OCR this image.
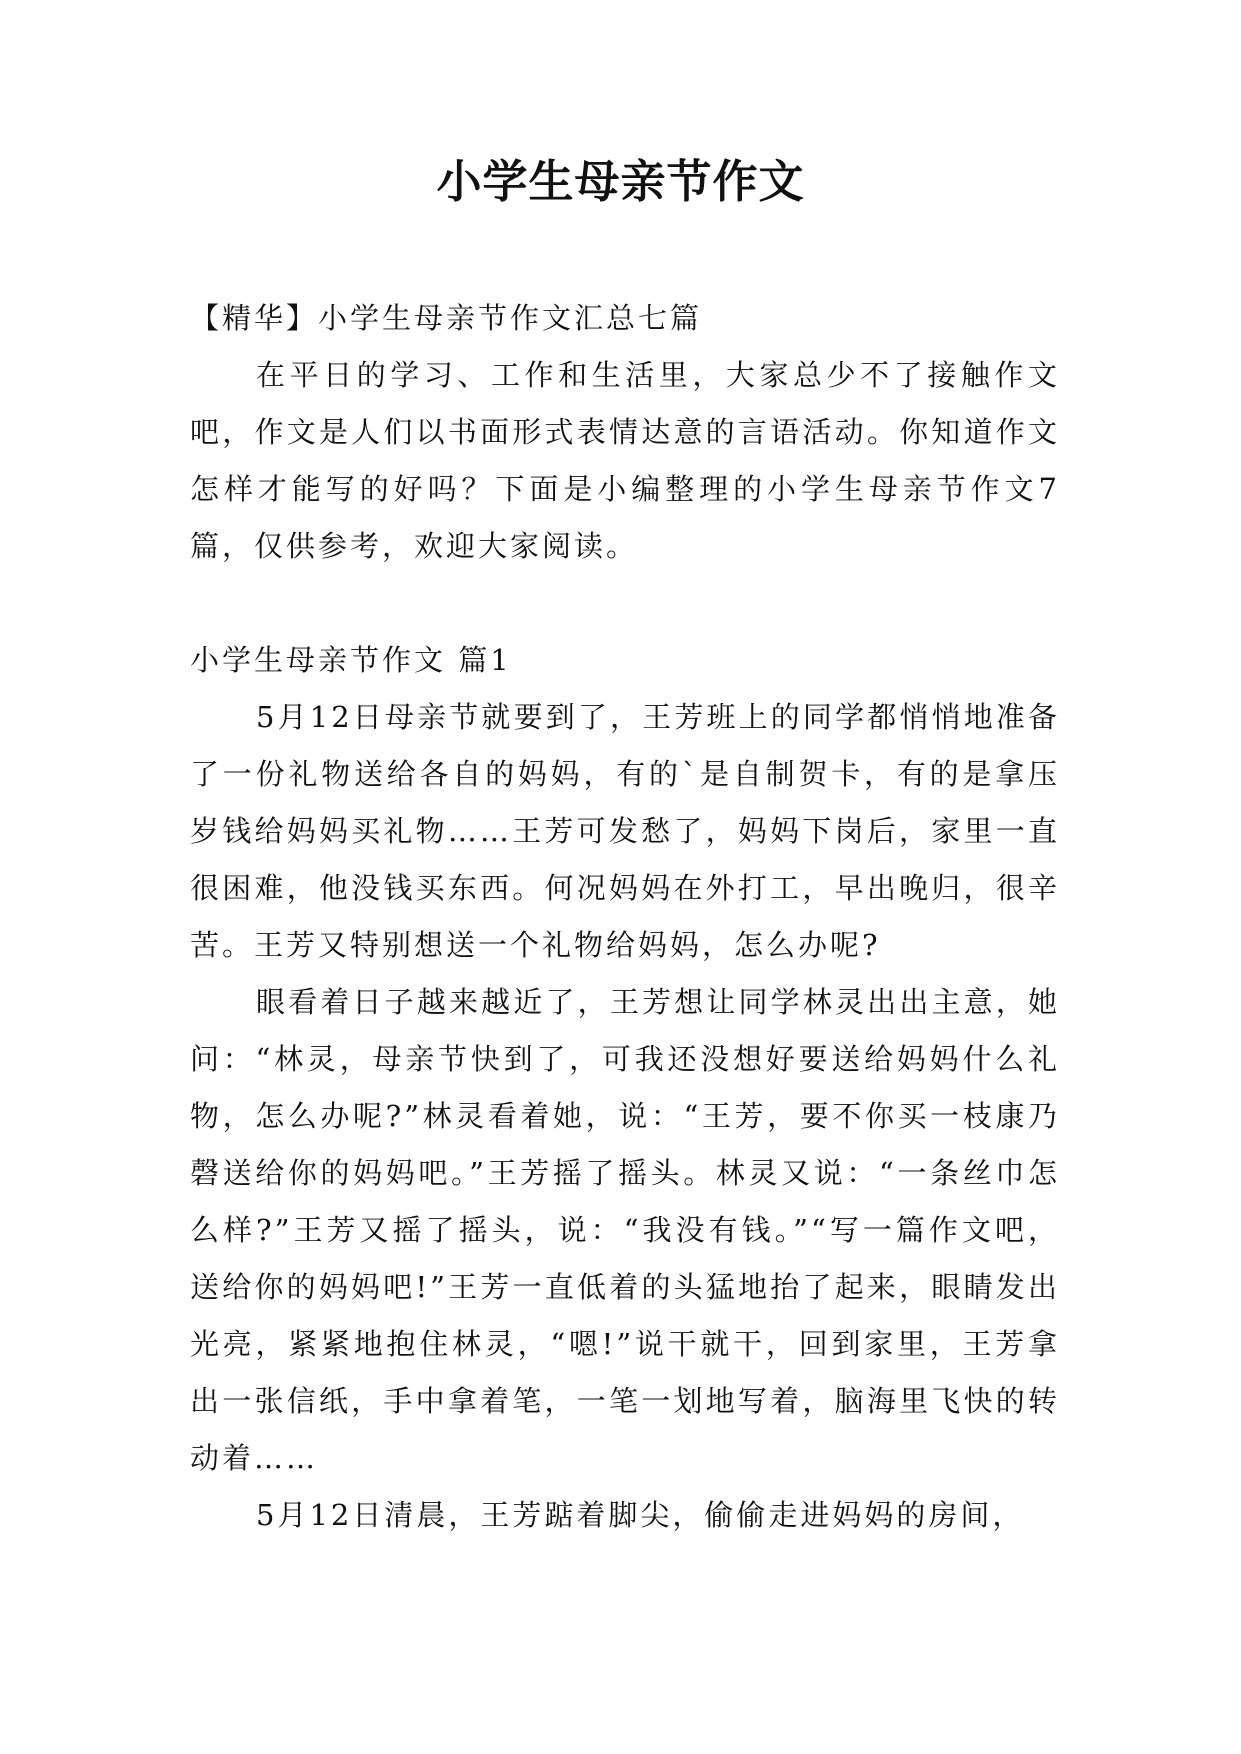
小学生母亲节作文

【精华】小学生母亲节作文汇总七篇

在平日的学习、工作和生活里，大家总少不了接触作文吧，作文是人们以书面形式表情达意的言语活动。你知道作文怎样才能写的好吗？下面是小编整理的小学生母亲节作文7篇，仅供参考，欢迎大家阅读。

小学生母亲节作文 篇1

5月12日母亲节就要到了，王芳班上的同学都悄悄地准备了一份礼物送给各自的妈妈，有的`是自制贺卡，有的是拿压岁钱给妈妈买礼物……王芳可发愁了，妈妈下岗后，家里一直很困难，他没钱买东西。何况妈妈在外打工，早出晚归，很辛苦。王芳又特别想送一个礼物给妈妈，怎么办呢?

眼看着日子越来越近了，王芳想让同学林灵出出主意，她问：“林灵，母亲节快到了，可我还没想好要送给妈妈什么礼物，怎么办呢?”林灵看着她，说：“王芳，要不你买一枝康乃磬送给你的妈妈吧。”王芳摇了摇头。林灵又说：“一条丝巾怎么样?”王芳又摇了摇头，说：“我没有钱。”“写一篇作文吧，送给你的妈妈吧!”王芳一直低着的头猛地抬了起来，眼睛发出光亮，紧紧地抱住林灵，“嗯!”说干就干，回到家里，王芳拿出一张信纸，手中拿着笔，一笔一划地写着，脑海里飞快的转动着……

5月12日清晨，王芳踮着脚尖，偷偷走进妈妈的房间，
